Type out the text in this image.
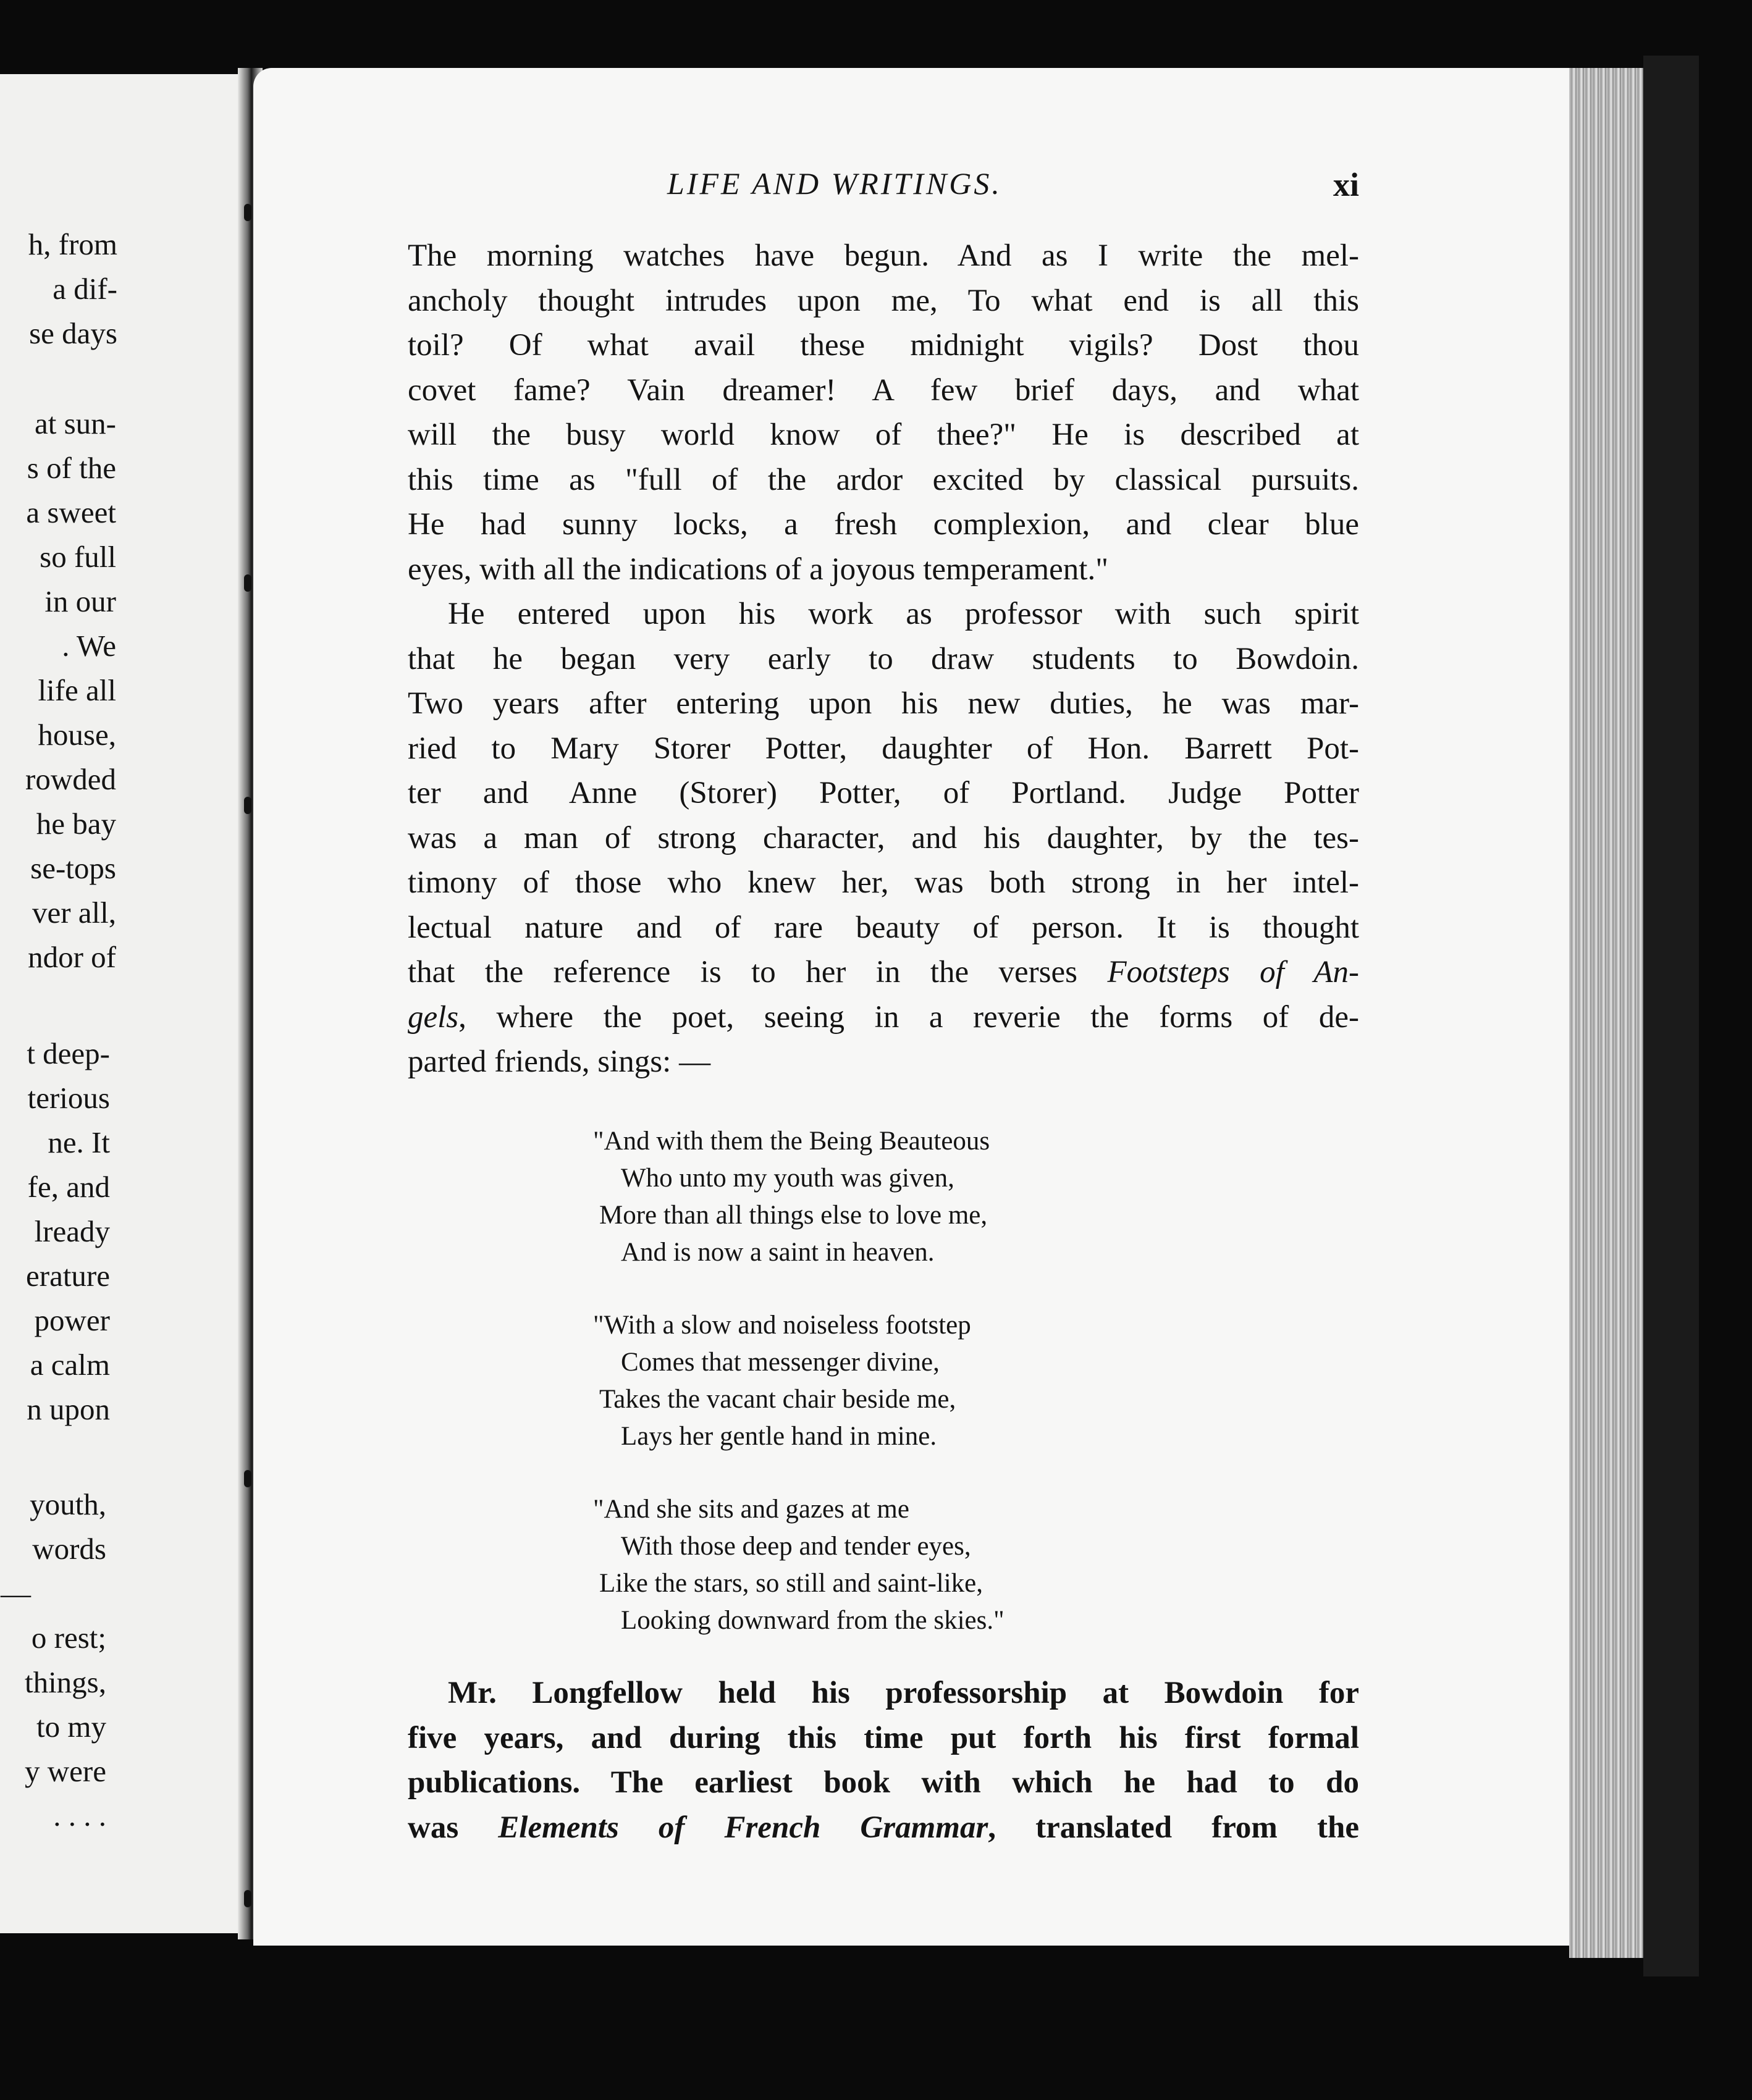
h, from
a dif-
se days
at sun-
s of the
a sweet
so full
in our
. We
life all
house,
rowded
he bay
se-tops
ver all,
ndor of
t deep-
terious
ne. It
fe, and
lready
erature
power
a calm
n upon
youth,
words
—
o rest;
things,
to my
y were
. . . .
LIFE AND WRITINGS.	xi
The morning watches have begun. And as I write the mel-
ancholy thought intrudes upon me, To what end is all this
toil? Of what avail these midnight vigils? Dost thou
covet fame? Vain dreamer! A few brief days, and what
will the busy world know of thee?" He is described at
this time as "full of the ardor excited by classical pursuits.
He had sunny locks, a fresh complexion, and clear blue
eyes, with all the indications of a joyous temperament."
He entered upon his work as professor with such spirit
that he began very early to draw students to Bowdoin.
Two years after entering upon his new duties, he was mar-
ried to Mary Storer Potter, daughter of Hon. Barrett Pot-
ter and Anne (Storer) Potter, of Portland. Judge Potter
was a man of strong character, and his daughter, by the tes-
timony of those who knew her, was both strong in her intel-
lectual nature and of rare beauty of person. It is thought
that the reference is to her in the verses Footsteps of An-
gels, where the poet, seeing in a reverie the forms of de-
parted friends, sings: —
"And with them the Being Beauteous
Who unto my youth was given,
More than all things else to love me,
And is now a saint in heaven.
"With a slow and noiseless footstep
Comes that messenger divine,
Takes the vacant chair beside me,
Lays her gentle hand in mine.
"And she sits and gazes at me
With those deep and tender eyes,
Like the stars, so still and saint-like,
Looking downward from the skies."
Mr. Longfellow held his professorship at Bowdoin for
five years, and during this time put forth his first formal
publications. The earliest book with which he had to do
was Elements of French Grammar, translated from the
